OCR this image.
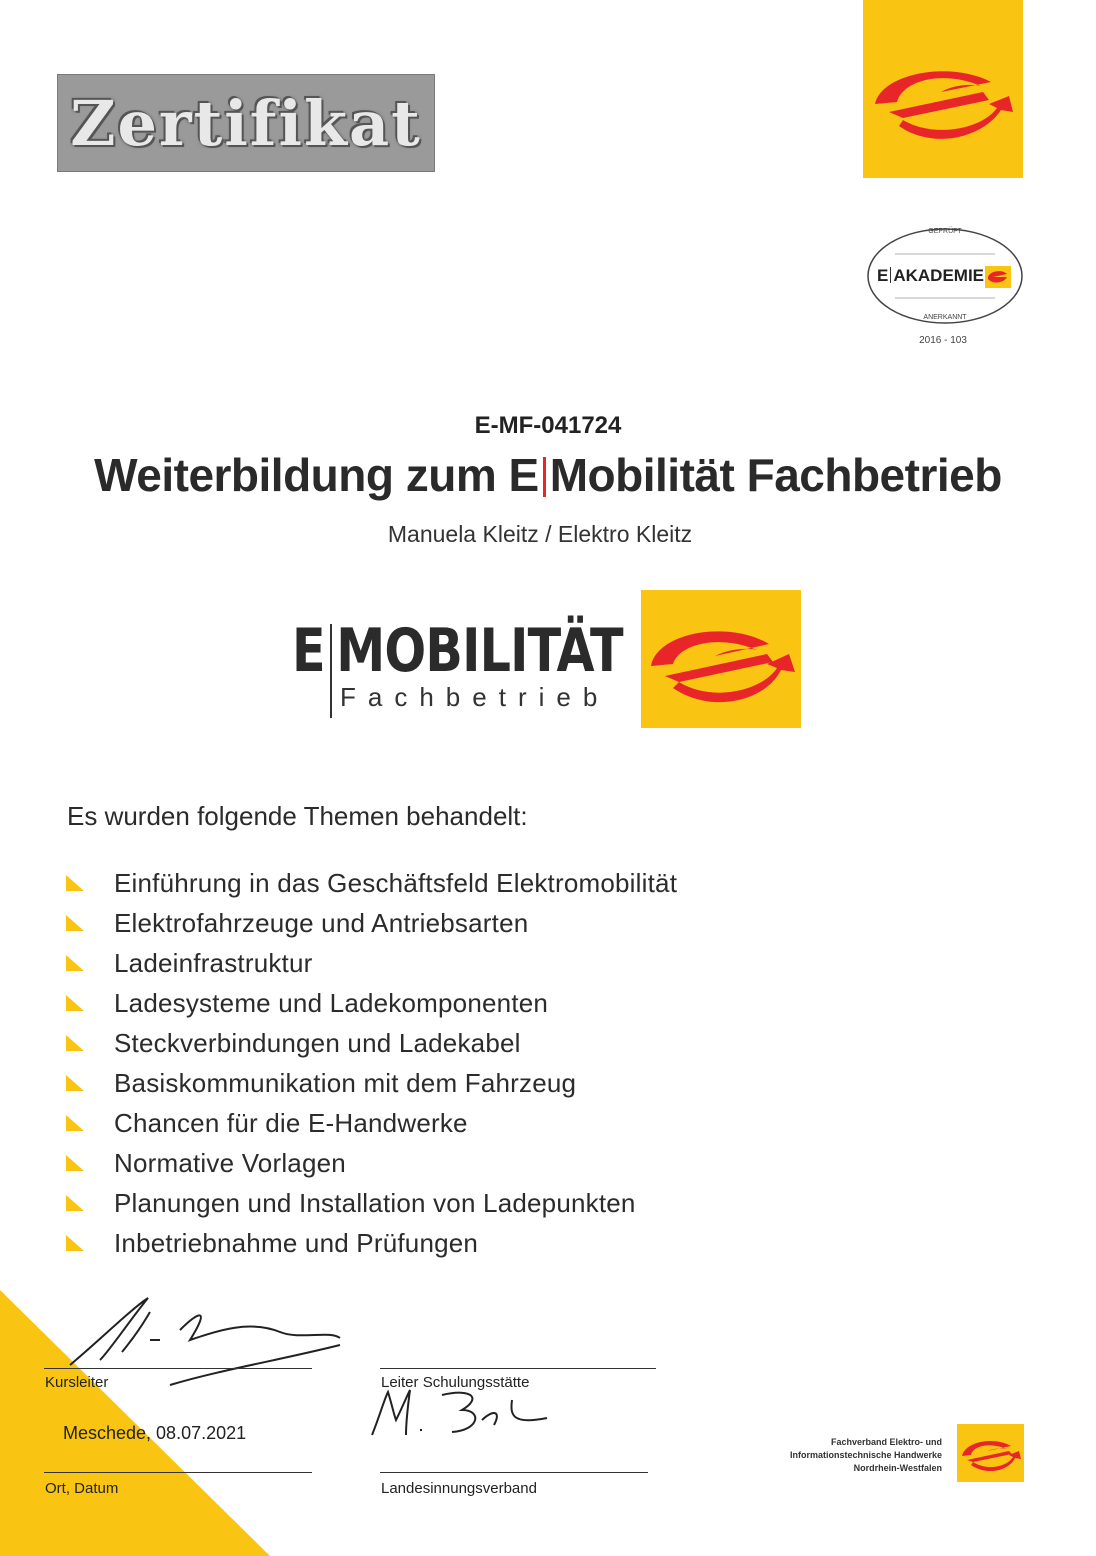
Zertifikat
GEPRÜFT
E AKADEMIE
ANERKANNT
2016 - 103
E-MF-041724
Weiterbildung zum E Mobilität Fachbetrieb
Manuela Kleitz / Elektro Kleitz
E MOBILITÄT
Fachbetrieb
Es wurden folgende Themen behandelt:
Einführung in das Geschäftsfeld Elektromobilität
Elektrofahrzeuge und Antriebsarten
Ladeinfrastruktur
Ladesysteme und Ladekomponenten
Steckverbindungen und Ladekabel
Basiskommunikation mit dem Fahrzeug
Chancen für die E-Handwerke
Normative Vorlagen
Planungen und Installation von Ladepunkten
Inbetriebnahme und Prüfungen
Kursleiter	Leiter Schulungsstätte
Meschede, 08.07.2021
Ort, Datum	Landesinnungsverband
Fachverband Elektro- und
Informationstechnische Handwerke
Nordrhein-Westfalen
